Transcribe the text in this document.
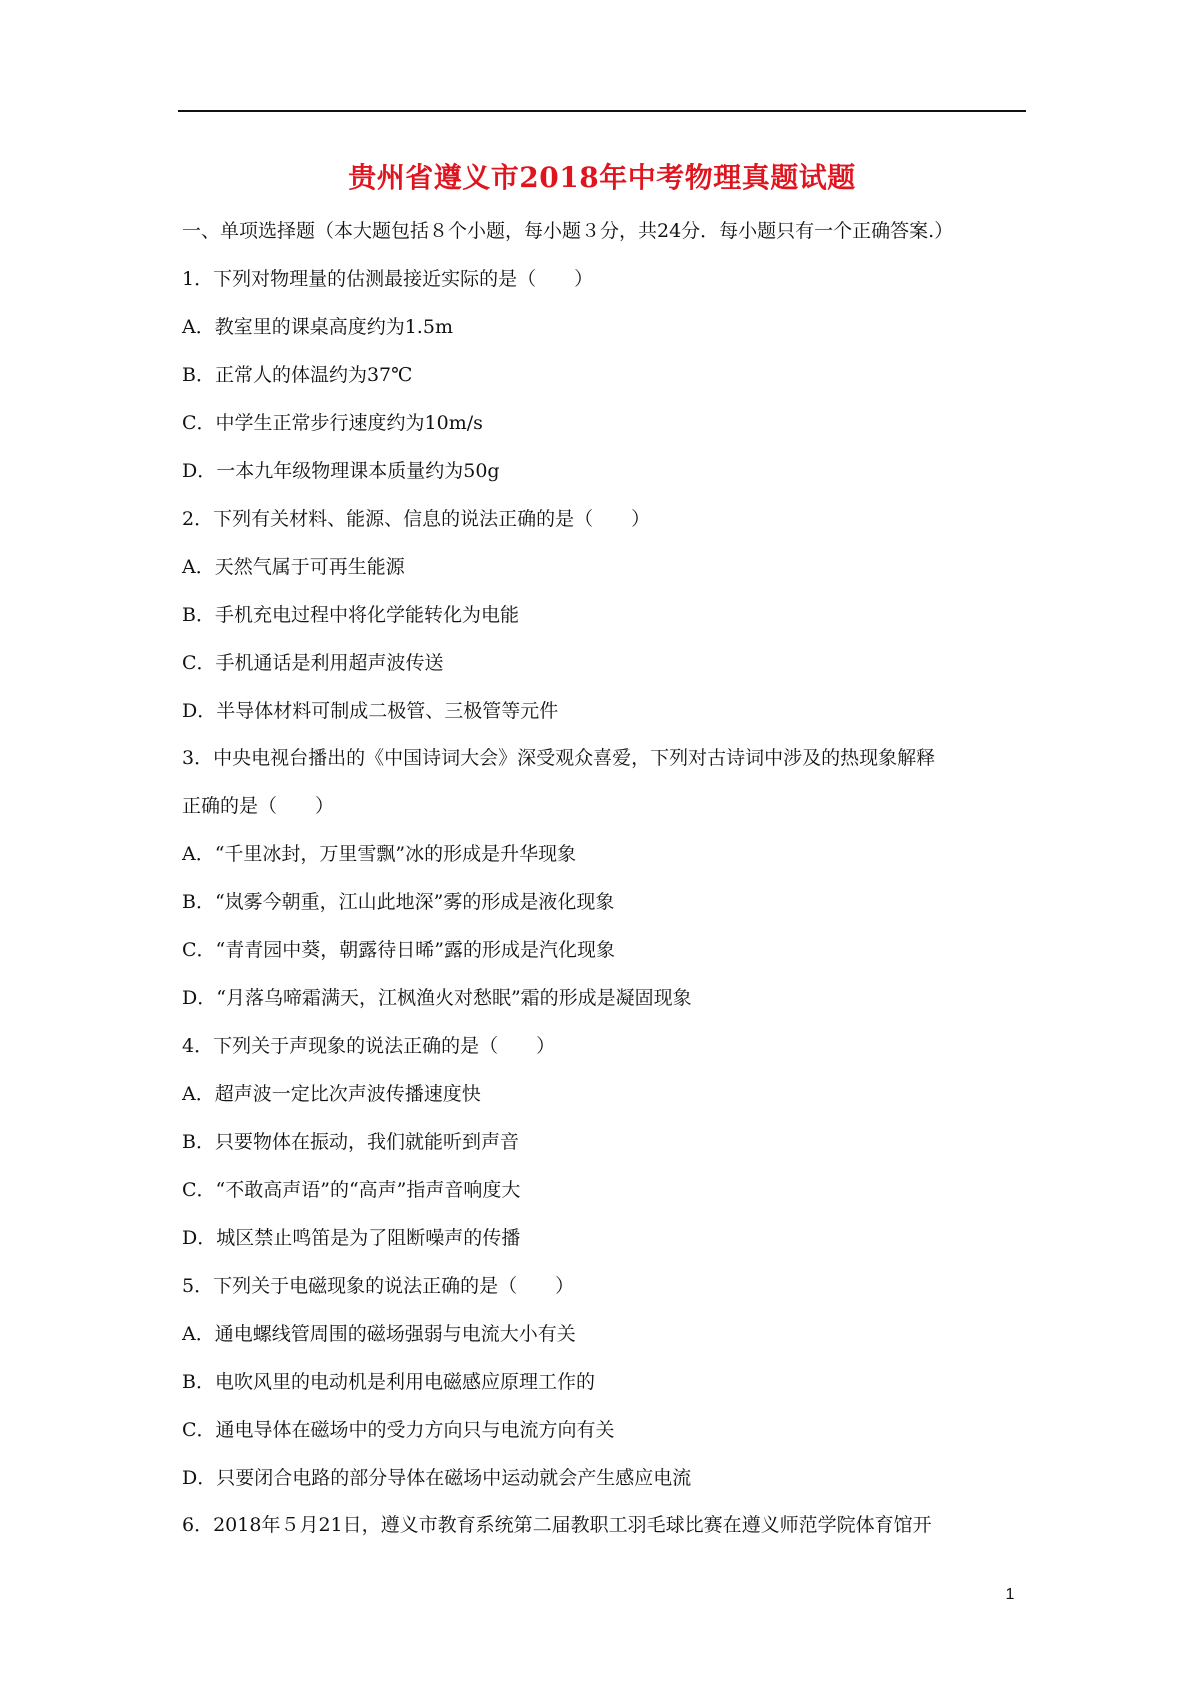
贵州省遵义市2018年中考物理真题试题
一、单项选择题（本大题包括８个小题，每小题３分，共24分．每小题只有一个正确答案.）
1．下列对物理量的估测最接近实际的是（　　）
A．教室里的课桌高度约为1.5m
B．正常人的体温约为37℃
C．中学生正常步行速度约为10m/s
D．一本九年级物理课本质量约为50g
2．下列有关材料、能源、信息的说法正确的是（　　）
A．天然气属于可再生能源
B．手机充电过程中将化学能转化为电能
C．手机通话是利用超声波传送
D．半导体材料可制成二极管、三极管等元件
3．中央电视台播出的《中国诗词大会》深受观众喜爱，下列对古诗词中涉及的热现象解释
正确的是（　　）
A．“千里冰封，万里雪飘”冰的形成是升华现象
B．“岚雾今朝重，江山此地深”雾的形成是液化现象
C．“青青园中葵，朝露待日晞”露的形成是汽化现象
D．“月落乌啼霜满天，江枫渔火对愁眠”霜的形成是凝固现象
4．下列关于声现象的说法正确的是（　　）
A．超声波一定比次声波传播速度快
B．只要物体在振动，我们就能听到声音
C．“不敢高声语”的“高声”指声音响度大
D．城区禁止鸣笛是为了阻断噪声的传播
5．下列关于电磁现象的说法正确的是（　　）
A．通电螺线管周围的磁场强弱与电流大小有关
B．电吹风里的电动机是利用电磁感应原理工作的
C．通电导体在磁场中的受力方向只与电流方向有关
D．只要闭合电路的部分导体在磁场中运动就会产生感应电流
6．2018年５月21日，遵义市教育系统第二届教职工羽毛球比赛在遵义师范学院体育馆开
1
